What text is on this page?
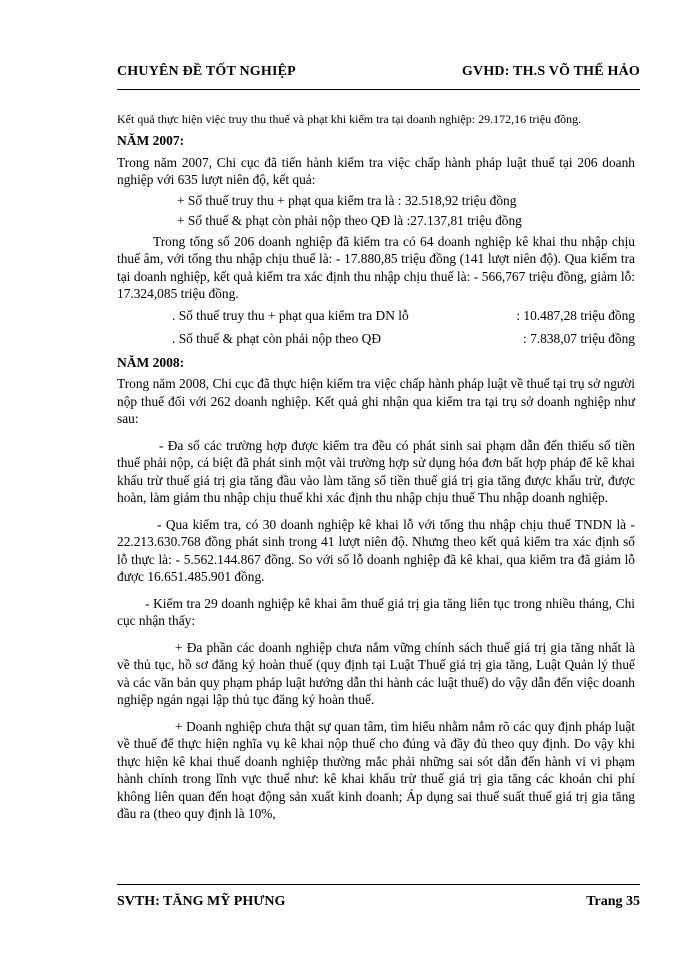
CHUYÊN ĐỀ TỐT NGHIỆP	GVHD: TH.S VÕ THẾ HẢO

Kết quả thực hiện việc truy thu thuế và phạt khi kiểm tra tại doanh nghiệp: 29.172,16 triệu đồng.

NĂM 2007:

Trong năm 2007, Chi cục đã tiến hành kiểm tra việc chấp hành pháp luật thuế tại 206 doanh nghiệp với 635 lượt niên độ, kết quả:

+ Số thuế truy thu + phạt qua kiểm tra là : 32.518,92 triệu đồng

+ Số thuế & phạt còn phải nộp theo QĐ là :27.137,81 triệu đồng

Trong tổng số 206 doanh nghiệp đã kiểm tra có 64 doanh nghiệp kê khai thu nhập chịu thuế âm, với tổng thu nhập chịu thuế là: - 17.880,85 triệu đồng (141 lượt niên độ). Qua kiểm tra tại doanh nghiệp, kết quả kiểm tra xác định thu nhập chịu thuế là: - 566,767 triệu đồng, giảm lỗ: 17.324,085 triệu đồng.

. Số thuế truy thu + phạt qua kiểm tra DN lỗ	: 10.487,28 triệu đồng
. Số thuế & phạt còn phải nộp theo QĐ	: 7.838,07 triệu đồng

NĂM 2008:

Trong năm 2008, Chi cục đã thực hiện kiểm tra việc chấp hành pháp luật về thuế tại trụ sở người nộp thuế đối với 262 doanh nghiệp. Kết quả ghi nhận qua kiểm tra tại trụ sở doanh nghiệp như sau:

- Đa số các trường hợp được kiểm tra đều có phát sinh sai phạm dẫn đến thiếu số tiền thuế phải nộp, cá biệt đã phát sinh một vài trường hợp sử dụng hóa đơn bất hợp pháp để kê khai khấu trừ thuế giá trị gia tăng đầu vào làm tăng số tiền thuế giá trị gia tăng được khấu trừ, được hoàn, làm giảm thu nhập chịu thuế khi xác định thu nhập chịu thuế Thu nhập doanh nghiệp.

- Qua kiểm tra, có 30 doanh nghiệp kê khai lỗ với tổng thu nhập chịu thuế TNDN là - 22.213.630.768 đồng phát sinh trong 41 lượt niên độ. Nhưng theo kết quả kiểm tra xác định số lỗ thực là: - 5.562.144.867 đồng. So với số lỗ doanh nghiệp đã kê khai, qua kiểm tra đã giảm lỗ được 16.651.485.901 đồng.

- Kiểm tra 29 doanh nghiệp kê khai âm thuế giá trị gia tăng liên tục trong nhiều tháng, Chi cục nhận thấy:

+ Đa phần các doanh nghiệp chưa nắm vững chính sách thuế giá trị gia tăng nhất là về thủ tục, hồ sơ đăng ký hoàn thuế (quy định tại Luật Thuế giá trị gia tăng, Luật Quản lý thuế và các văn bản quy phạm pháp luật hướng dẫn thi hành các luật thuế) do vậy dẫn đến việc doanh nghiệp ngán ngại lập thủ tục đăng ký hoàn thuế.

+ Doanh nghiệp chưa thật sự quan tâm, tìm hiểu nhằm nắm rõ các quy định pháp luật về thuế để thực hiện nghĩa vụ kê khai nộp thuế cho đúng và đầy đủ theo quy định. Do vậy khi thực hiện kê khai thuế doanh nghiệp thường mắc phải những sai sót dẫn đến hành vi vi phạm hành chính trong lĩnh vực thuế như: kê khai khấu trừ thuế giá trị gia tăng các khoản chi phí không liên quan đến hoạt động sản xuất kinh doanh; Áp dụng sai thuế suất thuế giá trị gia tăng đầu ra (theo quy định là 10%,

SVTH: TĂNG MỸ PHƯNG	Trang 35
